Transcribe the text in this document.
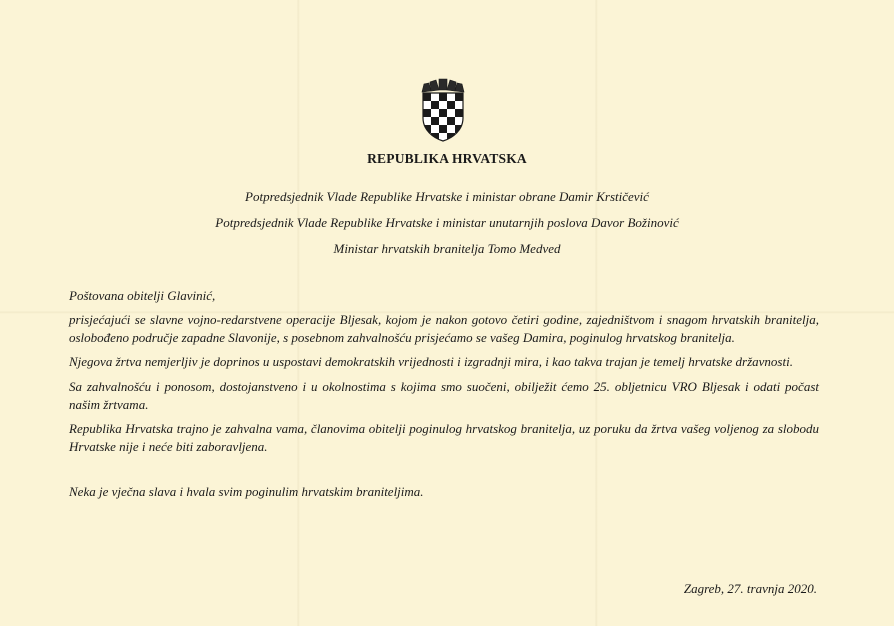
REPUBLIKA HRVATSKA
Potpredsjednik Vlade Republike Hrvatske i ministar obrane Damir Krstičević
Potpredsjednik Vlade Republike Hrvatske i ministar unutarnjih poslova Davor Božinović
Ministar hrvatskih branitelja Tomo Medved
Poštovana obitelji Glavinić,
prisjećajući se slavne vojno-redarstvene operacije Bljesak, kojom je nakon gotovo četiri godine, zajedništvom i snagom hrvatskih branitelja, oslobođeno područje zapadne Slavonije, s posebnom zahvalnošću prisjećamo se vašeg Damira, poginulog hrvatskog branitelja.
Njegova žrtva nemjerljiv je doprinos u uspostavi demokratskih vrijednosti i izgradnji mira, i kao takva trajan je temelj hrvatske državnosti.
Sa zahvalnošću i ponosom, dostojanstveno i u okolnostima s kojima smo suočeni, obilježit ćemo 25. obljetnicu VRO Bljesak i odati počast našim žrtvama.
Republika Hrvatska trajno je zahvalna vama, članovima obitelji poginulog hrvatskog branitelja, uz poruku da žrtva vašeg voljenog za slobodu Hrvatske nije i neće biti zaboravljena.
Neka je vječna slava i hvala svim poginulim hrvatskim braniteljima.
Zagreb, 27. travnja 2020.
